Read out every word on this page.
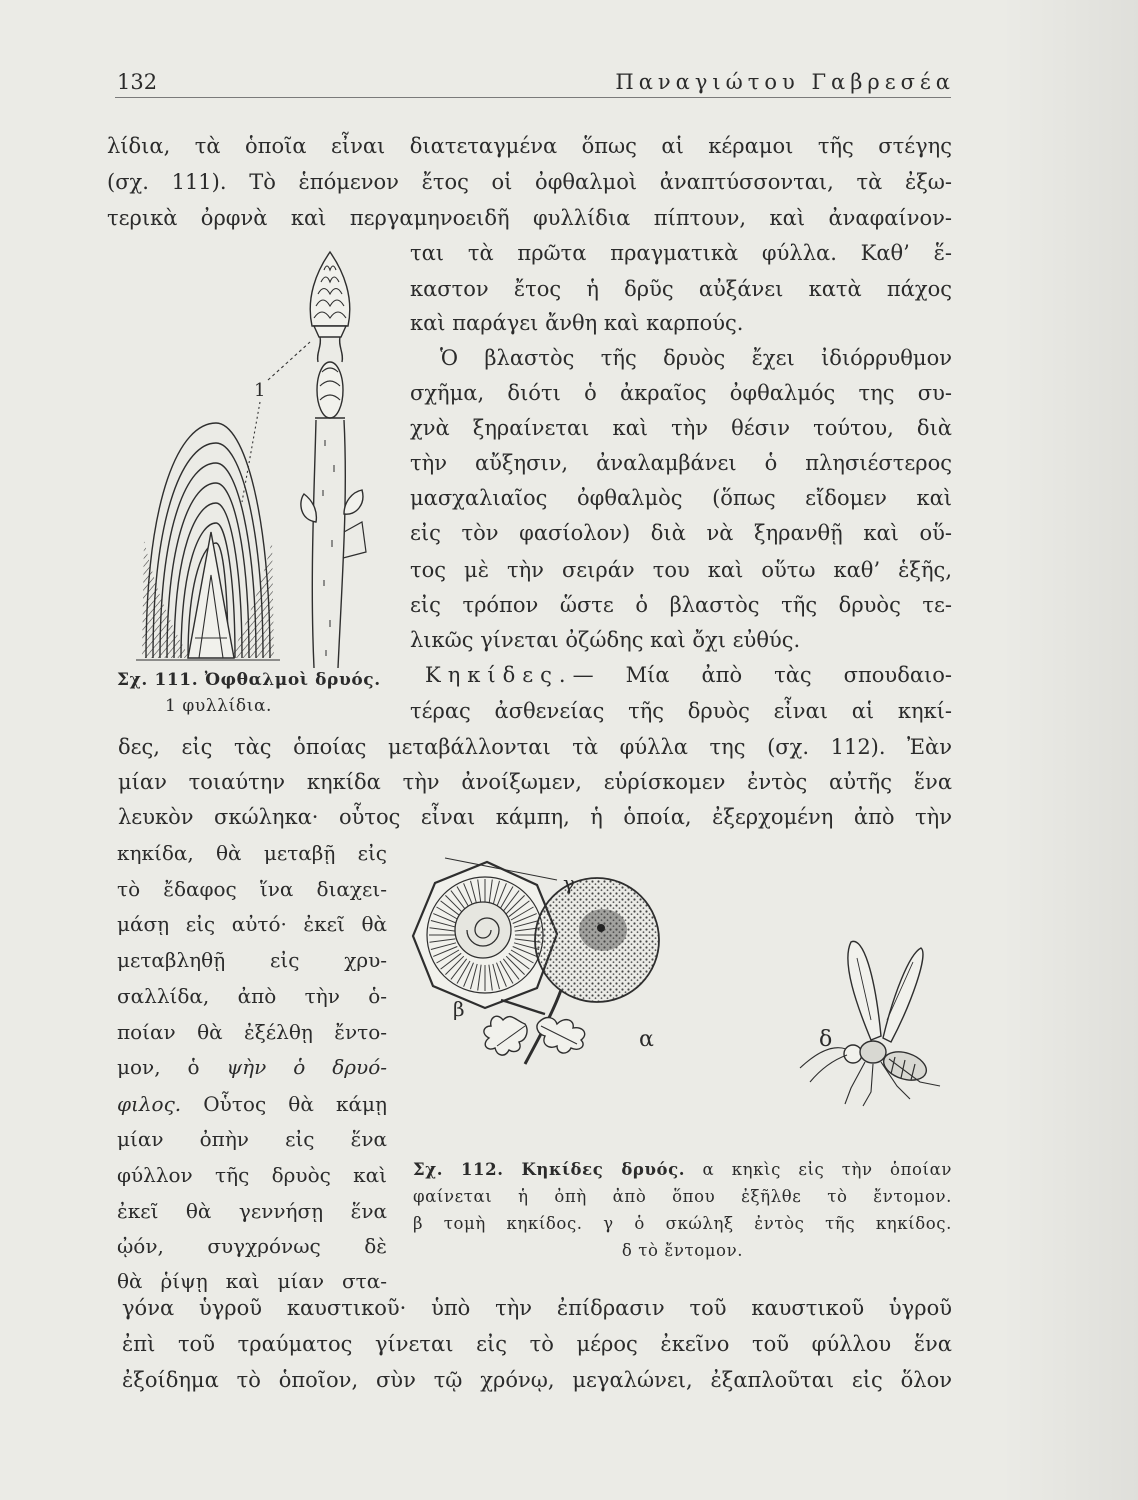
132	Παναγιώτου Γαβρεσέα
λίδια, τὰ ὁποῖα εἶναι διατεταγμένα ὅπως αἱ κέραμοι τῆς στέγης
(σχ. 111). Τὸ ἑπόμενον ἔτος οἱ ὀφθαλμοὶ ἀναπτύσσονται, τὰ ἐξω-
τερικὰ ὀρφνὰ καὶ περγαμηνοειδῆ φυλλίδια πίπτουν, καὶ ἀναφαίνον-
ται τὰ πρῶτα πραγματικὰ φύλλα. Καθ’ ἕ-
καστον ἔτος ἡ δρῦς αὐξάνει κατὰ πάχος
καὶ παράγει ἄνθη καὶ καρπούς.
Ὁ βλαστὸς τῆς δρυὸς ἔχει ἰδιόρρυθμον
σχῆμα, διότι ὁ ἀκραῖος ὀφθαλμός της συ-
χνὰ ξηραίνεται καὶ τὴν θέσιν τούτου, διὰ
τὴν αὔξησιν, ἀναλαμβάνει ὁ πλησιέστερος
μασχαλιαῖος ὀφθαλμὸς (ὅπως εἴδομεν καὶ
εἰς τὸν φασίολον) διὰ νὰ ξηρανθῇ καὶ οὕ-
τος μὲ τὴν σειράν του καὶ οὕτω καθ’ ἑξῆς,
εἰς τρόπον ὥστε ὁ βλαστὸς τῆς δρυὸς τε-
λικῶς γίνεται ὀζώδης καὶ ὄχι εὐθύς.
Κηκίδες.— Μία ἀπὸ τὰς σπουδαιο-
τέρας ἀσθενείας τῆς δρυὸς εἶναι αἱ κηκί-
1
Σχ. 111. Ὀφθαλμοὶ δρυός.
1 φυλλίδια.
δες, εἰς τὰς ὁποίας μεταβάλλονται τὰ φύλλα της (σχ. 112). Ἐὰν
μίαν τοιαύτην κηκίδα τὴν ἀνοίξωμεν, εὑρίσκομεν ἐντὸς αὐτῆς ἕνα
λευκὸν σκώληκα· οὗτος εἶναι κάμπη, ἡ ὁποία, ἐξερχομένη ἀπὸ τὴν
κηκίδα, θὰ μεταβῇ εἰς
τὸ ἔδαφος ἵνα διαχει-
μάσῃ εἰς αὐτό· ἐκεῖ θὰ
μεταβληθῇ εἰς χρυ-
σαλλίδα, ἀπὸ τὴν ὁ-
ποίαν θὰ ἐξέλθῃ ἔντο-
μον, ὁ ψὴν ὁ δρυό-
φιλος. Οὗτος θὰ κάμῃ
μίαν ὀπὴν εἰς ἕνα
φύλλον τῆς δρυὸς καὶ
ἐκεῖ θὰ γεννήσῃ ἕνα
ᾠόν, συγχρόνως δὲ
θὰ ῥίψῃ καὶ μίαν στα-
γ
β
α	δ
Σχ. 112. Κηκίδες δρυός. α κηκὶς εἰς τὴν ὁποίαν
φαίνεται ἡ ὀπὴ ἀπὸ ὅπου ἐξῆλθε τὸ ἔντομον.
β τομὴ κηκίδος. γ ὁ σκώληξ ἐντὸς τῆς κηκίδος.
δ τὸ ἔντομον.
γόνα ὑγροῦ καυστικοῦ· ὑπὸ τὴν ἐπίδρασιν τοῦ καυστικοῦ ὑγροῦ
ἐπὶ τοῦ τραύματος γίνεται εἰς τὸ μέρος ἐκεῖνο τοῦ φύλλου ἕνα
ἐξοίδημα τὸ ὁποῖον, σὺν τῷ χρόνῳ, μεγαλώνει, ἐξαπλοῦται εἰς ὅλον
